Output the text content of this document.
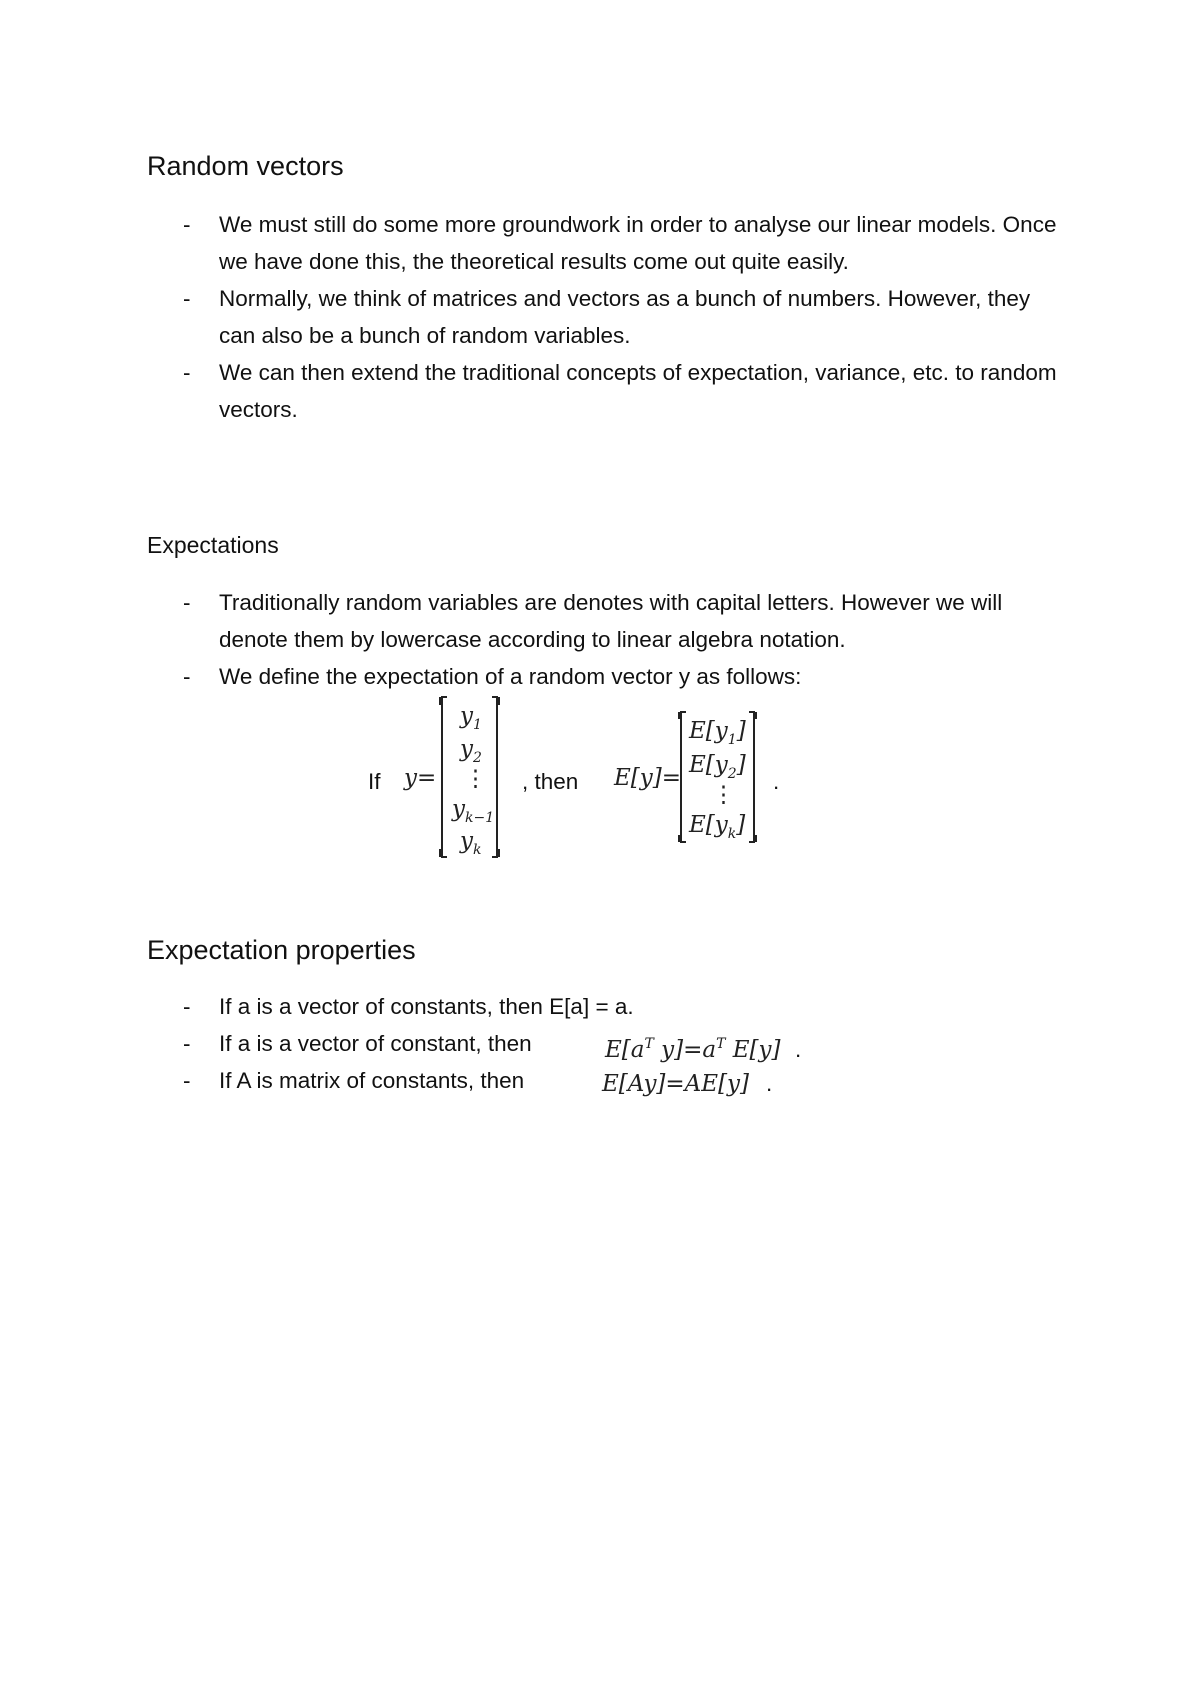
Random vectors
- We must still do some more groundwork in order to analyse our linear models. Once we have done this, the theoretical results come out quite easily.
- Normally, we think of matrices and vectors as a bunch of numbers. However, they can also be a bunch of random variables.
- We can then extend the traditional concepts of expectation, variance, etc. to random vectors.
Expectations
- Traditionally random variables are denotes with capital letters. However we will denote them by lowercase according to linear algebra notation.
- We define the expectation of a random vector y as follows:
If y=
$y_1$
$y_2$
⋮
$y_{k-1}$
$y_k$
, then E[y]=
$E[y_1]$
$E[y_2]$
⋮
$E[y_k]$
.
$E[a^T$ $y]=a^T$ E[y] .
E[Ay]=AE[y] .
Expectation properties
- If a is a vector of constants, then E[a] = a.
- If a is a vector of constant, then
- If A is matrix of constants, then
